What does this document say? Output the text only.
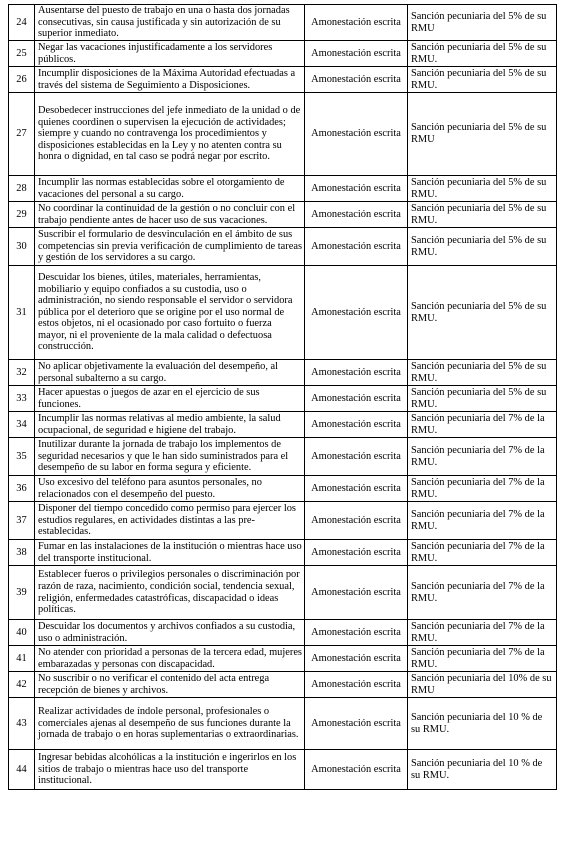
24	Ausentarse del puesto de trabajo en una o hasta dos jornadas consecutivas, sin causa justificada y sin autorización de su superior inmediato.	Amonestación escrita	Sanción pecuniaria del 5% de su RMU

25	Negar las vacaciones injustificadamente a los servidores públicos.	Amonestación escrita	Sanción pecuniaria del 5% de su RMU.

26	Incumplir disposiciones de la Máxima Autoridad efectuadas a través del sistema de Seguimiento a Disposiciones.	Amonestación escrita	Sanción pecuniaria del 5% de su RMU.

27	Desobedecer instrucciones del jefe inmediato de la unidad o de quienes coordinen o supervisen la ejecución de actividades; siempre y cuando no contravenga los procedimientos y disposiciones establecidas en la Ley y no atenten contra su honra o dignidad, en tal caso se podrá negar por escrito.	Amonestación escrita	Sanción pecuniaria del 5% de su RMU

28	Incumplir las normas establecidas sobre el otorgamiento de vacaciones del personal a su cargo.	Amonestación escrita	Sanción pecuniaria del 5% de su RMU.

29	No coordinar la continuidad de la gestión o no concluir con el trabajo pendiente antes de hacer uso de sus vacaciones.	Amonestación escrita	Sanción pecuniaria del 5% de su RMU.

30	Suscribir el formulario de desvinculación en el ámbito de sus competencias sin previa verificación de cumplimiento de tareas y gestión de los servidores a su cargo.	Amonestación escrita	Sanción pecuniaria del 5% de su RMU.

31	Descuidar los bienes, útiles, materiales, herramientas, mobiliario y equipo confiados a su custodia, uso o administración, no siendo responsable el servidor o servidora pública por el deterioro que se origine por el uso normal de estos objetos, ni el ocasionado por caso fortuito o fuerza mayor, ni el proveniente de la mala calidad o defectuosa construcción.	Amonestación escrita	Sanción pecuniaria del 5% de su RMU.

32	No aplicar objetivamente la evaluación del desempeño, al personal subalterno a su cargo.	Amonestación escrita	Sanción pecuniaria del 5% de su RMU.

33	Hacer apuestas o juegos de azar en el ejercicio de sus funciones.	Amonestación escrita	Sanción pecuniaria del 5% de su RMU.

34	Incumplir las normas relativas al medio ambiente, la salud ocupacional, de seguridad e higiene del trabajo.	Amonestación escrita	Sanción pecuniaria del 7% de la RMU.

35	Inutilizar durante la jornada de trabajo los implementos de seguridad necesarios y que le han sido suministrados para el desempeño de su labor en forma segura y eficiente.	Amonestación escrita	Sanción pecuniaria del 7% de la RMU.

36	Uso excesivo del teléfono para asuntos personales, no relacionados con el desempeño del puesto.	Amonestación escrita	Sanción pecuniaria del 7% de la RMU.

37	Disponer del tiempo concedido como permiso para ejercer los estudios regulares, en actividades distintas a las pre-establecidas.	Amonestación escrita	Sanción pecuniaria del 7% de la RMU.

38	Fumar en las instalaciones de la institución o mientras hace uso del transporte institucional.	Amonestación escrita	Sanción pecuniaria del 7% de la RMU.

39	Establecer fueros o privilegios personales o discriminación por razón de raza, nacimiento, condición social, tendencia sexual, religión, enfermedades catastróficas, discapacidad o ideas políticas.	Amonestación escrita	Sanción pecuniaria del 7% de la RMU.

40	Descuidar los documentos y archivos confiados a su custodia, uso o administración.	Amonestación escrita	Sanción pecuniaria del 7% de la RMU.

41	No atender con prioridad a personas de la tercera edad, mujeres embarazadas y personas con discapacidad.	Amonestación escrita	Sanción pecuniaria del 7% de la RMU.

42	No suscribir o no verificar el contenido del acta entrega recepción de bienes y archivos.	Amonestación escrita	Sanción pecuniaria del 10% de su RMU

43	Realizar actividades de índole personal, profesionales o comerciales ajenas al desempeño de sus funciones durante la jornada de trabajo o en horas suplementarias o extraordinarias.	Amonestación escrita	Sanción pecuniaria del 10 % de su RMU.

44	Ingresar bebidas alcohólicas a la institución e ingerirlos en los sitios de trabajo o mientras hace uso del transporte institucional.	Amonestación escrita	Sanción pecuniaria del 10 % de su RMU.
